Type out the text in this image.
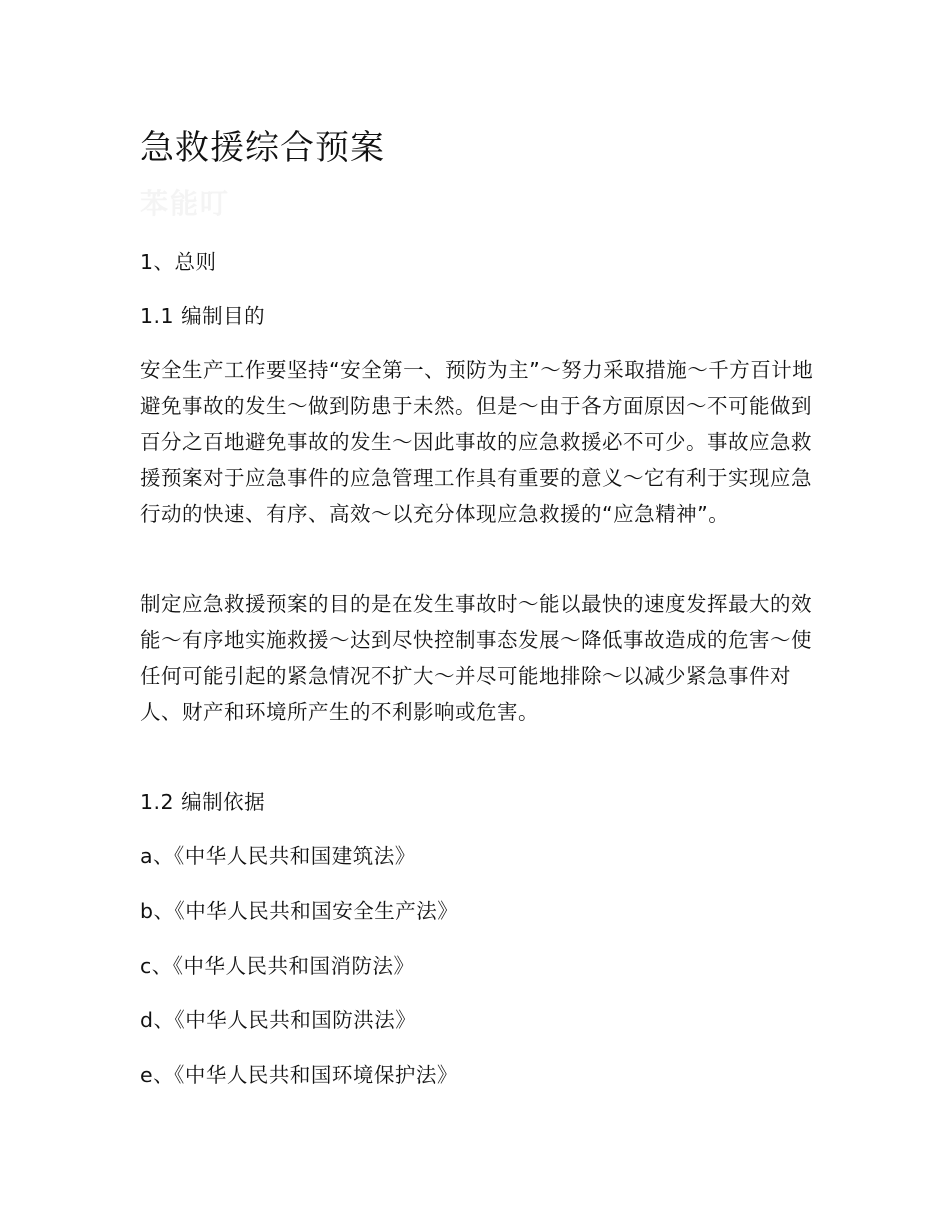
急救援综合预案
苯能叮

1、总则

1.1 编制目的

安全生产工作要坚持“安全第一、预防为主”～努力采取措施～千方百计地避免事故的发生～做到防患于未然。但是～由于各方面原因～不可能做到百分之百地避免事故的发生～因此事故的应急救援必不可少。事故应急救援预案对于应急事件的应急管理工作具有重要的意义～它有利于实现应急行动的快速、有序、高效～以充分体现应急救援的“应急精神”。

制定应急救援预案的目的是在发生事故时～能以最快的速度发挥最大的效能～有序地实施救援～达到尽快控制事态发展～降低事故造成的危害～使任何可能引起的紧急情况不扩大～并尽可能地排除～以减少紧急事件对人、财产和环境所产生的不利影响或危害。

1.2 编制依据

a、《中华人民共和国建筑法》

b、《中华人民共和国安全生产法》

c、《中华人民共和国消防法》

d、《中华人民共和国防洪法》

e、《中华人民共和国环境保护法》
